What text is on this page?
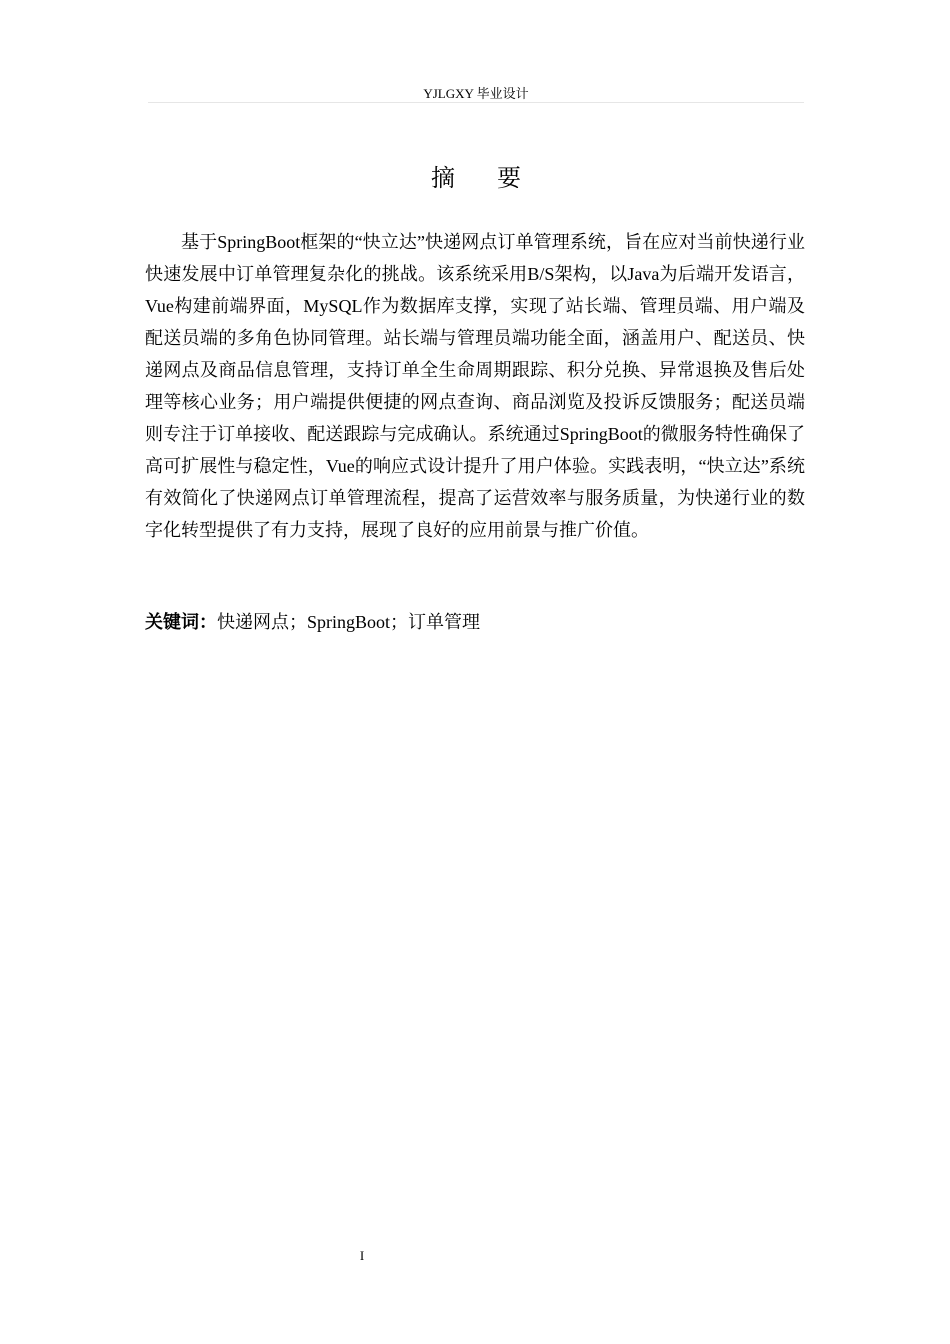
YJLGXY 毕业设计
摘 要

基于SpringBoot框架的“快立达”快递网点订单管理系统，旨在应对当前快递行业快速发展中订单管理复杂化的挑战。该系统采用B/S架构，以Java为后端开发语言，Vue构建前端界面，MySQL作为数据库支撑，实现了站长端、管理员端、用户端及配送员端的多角色协同管理。站长端与管理员端功能全面，涵盖用户、配送员、快递网点及商品信息管理，支持订单全生命周期跟踪、积分兑换、异常退换及售后处理等核心业务；用户端提供便捷的网点查询、商品浏览及投诉反馈服务；配送员端则专注于订单接收、配送跟踪与完成确认。系统通过SpringBoot的微服务特性确保了高可扩展性与稳定性，Vue的响应式设计提升了用户体验。实践表明，“快立达”系统有效简化了快递网点订单管理流程，提高了运营效率与服务质量，为快递行业的数字化转型提供了有力支持，展现了良好的应用前景与推广价值。

关键词：快递网点；SpringBoot；订单管理
I
